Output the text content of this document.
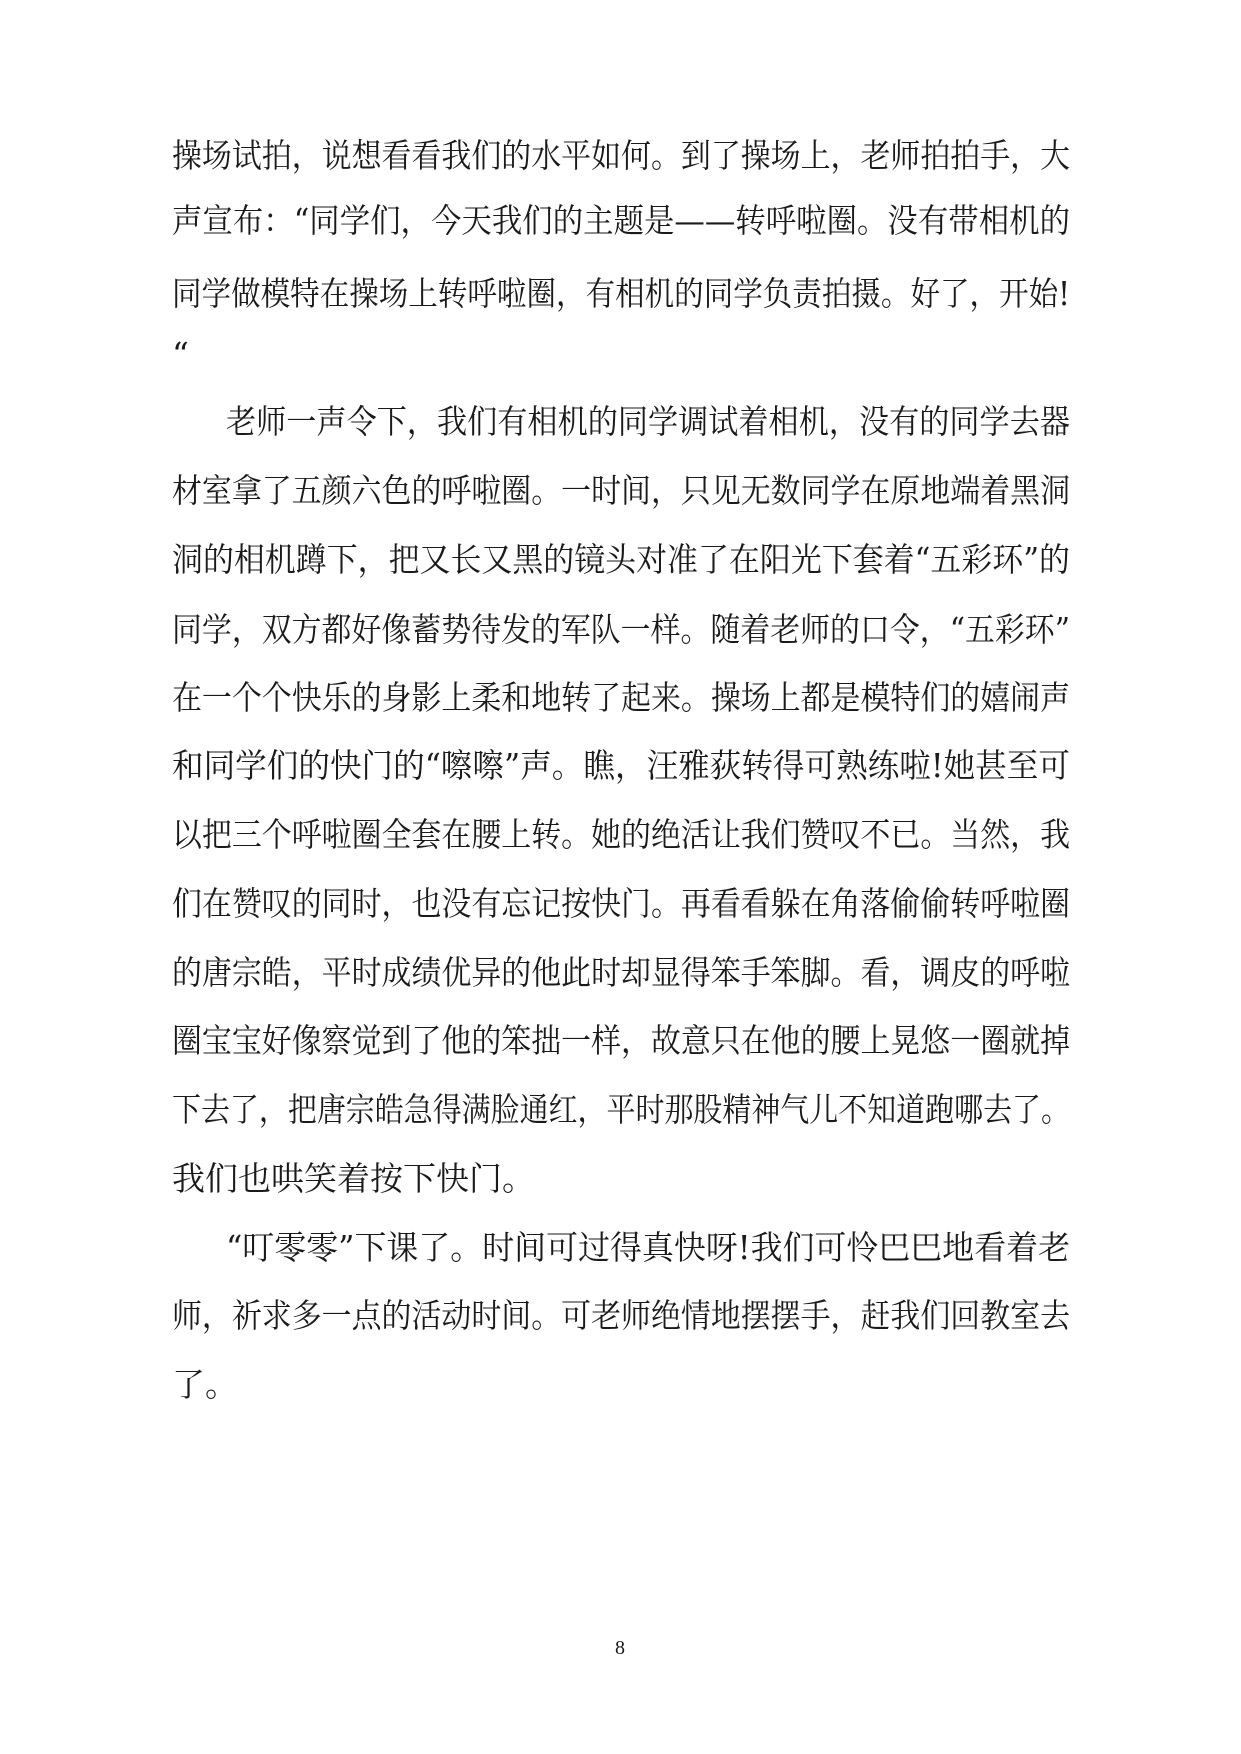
操场试拍，说想看看我们的水平如何。到了操场上，老师拍拍手，大
声宣布：“同学们，今天我们的主题是——转呼啦圈。没有带相机的
同学做模特在操场上转呼啦圈，有相机的同学负责拍摄。好了，开始!
“
老师一声令下，我们有相机的同学调试着相机，没有的同学去器
材室拿了五颜六色的呼啦圈。一时间，只见无数同学在原地端着黑洞
洞的相机蹲下，把又长又黑的镜头对准了在阳光下套着“五彩环”的
同学，双方都好像蓄势待发的军队一样。随着老师的口令，“五彩环”
在一个个快乐的身影上柔和地转了起来。操场上都是模特们的嬉闹声
和同学们的快门的“嚓嚓”声。瞧，汪雅荻转得可熟练啦!她甚至可
以把三个呼啦圈全套在腰上转。她的绝活让我们赞叹不已。当然，我
们在赞叹的同时，也没有忘记按快门。再看看躲在角落偷偷转呼啦圈
的唐宗皓，平时成绩优异的他此时却显得笨手笨脚。看，调皮的呼啦
圈宝宝好像察觉到了他的笨拙一样，故意只在他的腰上晃悠一圈就掉
下去了，把唐宗皓急得满脸通红，平时那股精神气儿不知道跑哪去了。
我们也哄笑着按下快门。
“叮零零”下课了。时间可过得真快呀!我们可怜巴巴地看着老
师，祈求多一点的活动时间。可老师绝情地摆摆手，赶我们回教室去
了。
8
